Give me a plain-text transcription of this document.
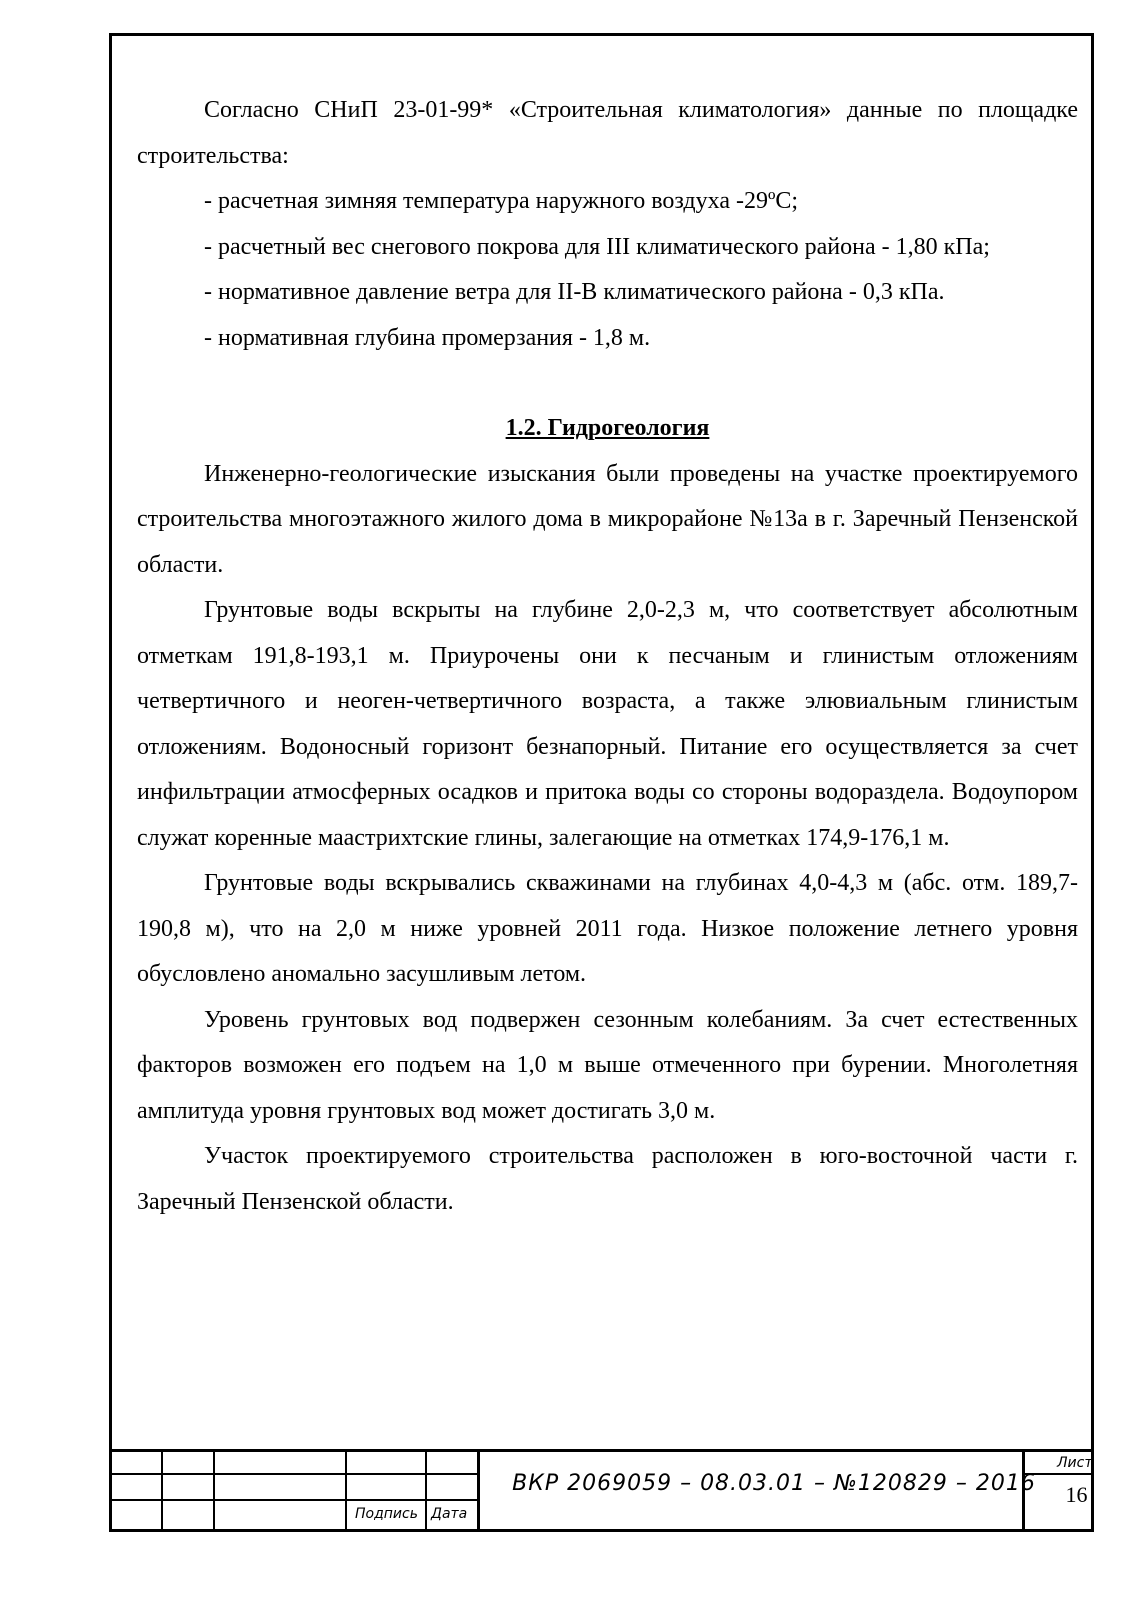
Согласно СНиП 23-01-99* «Строительная климатология» данные по площадке строительства:

- расчетная зимняя температура наружного воздуха -29ºС;

- расчетный вес снегового покрова для III климатического района - 1,80 кПа;

- нормативное давление ветра для II-В климатического района - 0,3 кПа.

- нормативная глубина промерзания - 1,8 м.

1.2. Гидрогеология

Инженерно-геологические изыскания были проведены на участке проектируемого строительства многоэтажного жилого дома в микрорайоне №13а в г. Заречный Пензенской области.

Грунтовые воды вскрыты на глубине 2,0-2,3 м, что соответствует абсолютным отметкам 191,8-193,1 м. Приурочены они к песчаным и глинистым отложениям четвертичного и неоген-четвертичного возраста, а также элювиальным глинистым отложениям. Водоносный горизонт безнапорный. Питание его осуществляется за счет инфильтрации атмосферных осадков и притока воды со стороны водораздела. Водоупором служат коренные маастрихтские глины, залегающие на отметках 174,9-176,1 м.

Грунтовые воды вскрывались скважинами на глубинах 4,0-4,3 м (абс. отм. 189,7-190,8 м), что на 2,0 м ниже уровней 2011 года. Низкое положение летнего уровня обусловлено аномально засушливым летом.

Уровень грунтовых вод подвержен сезонным колебаниям. За счет естественных факторов возможен его подъем на 1,0 м выше отмеченного при бурении. Многолетняя амплитуда уровня грунтовых вод может достигать 3,0 м.

Участок проектируемого строительства расположен в юго-восточной части г. Заречный Пензенской области.

Подпись Дата
ВКР 2069059 – 08.03.01 – №120829 – 2016
Лист
16
